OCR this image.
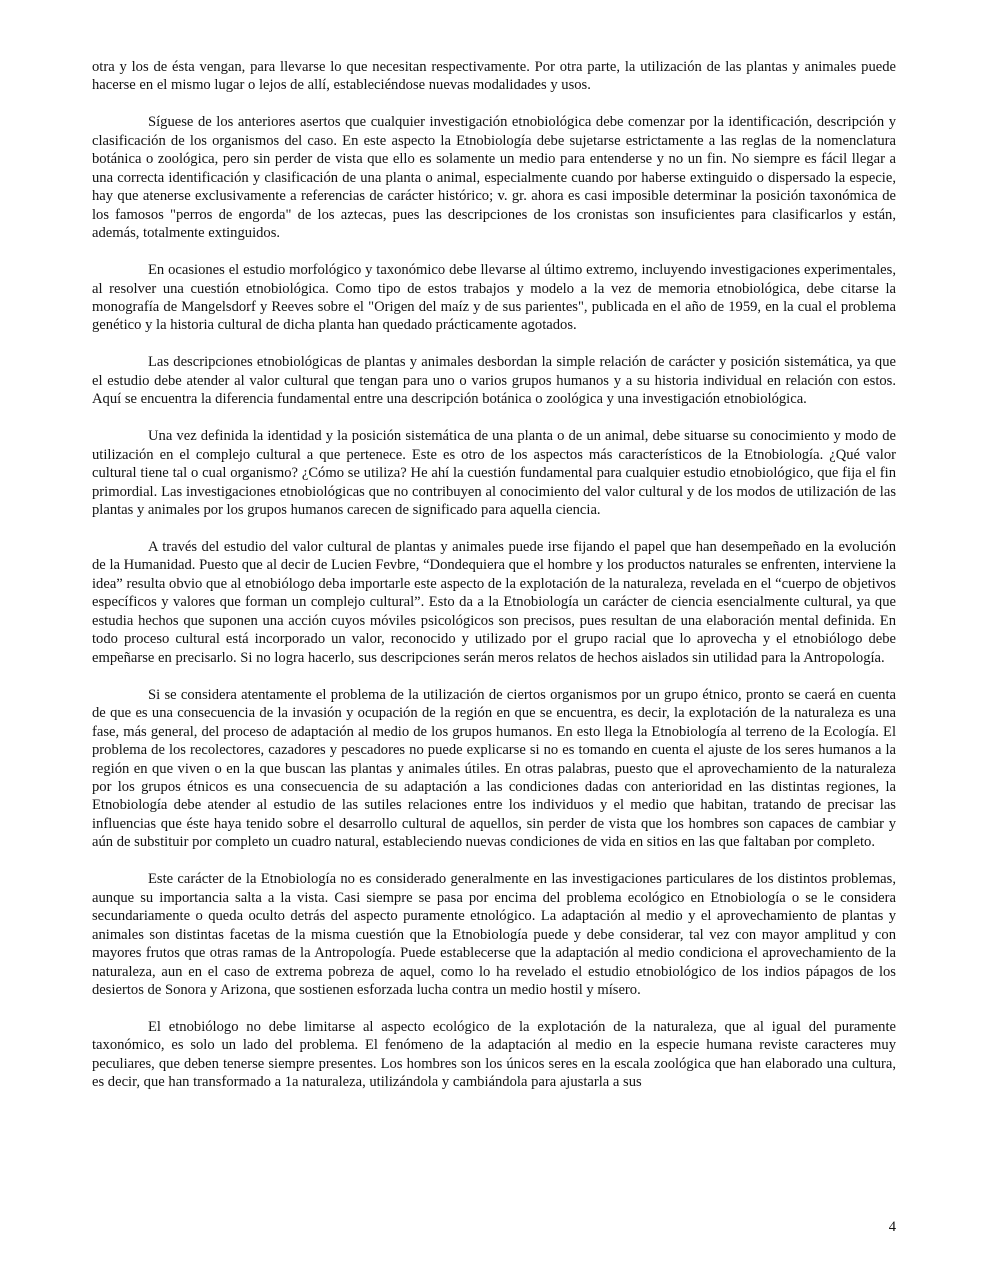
otra y los de ésta vengan, para llevarse lo que necesitan respectivamente. Por otra parte, la utilización de las plantas y animales puede hacerse en el mismo lugar o lejos de allí, estableciéndose nuevas modalidades y usos.

Síguese de los anteriores asertos que cualquier investigación etnobiológica debe comenzar por la identificación, descripción y clasificación de los organismos del caso. En este aspecto la Etnobiología debe sujetarse estrictamente a las reglas de la nomenclatura botánica o zoológica, pero sin perder de vista que ello es solamente un medio para entenderse y no un fin. No siempre es fácil llegar a una correcta identificación y clasificación de una planta o animal, especialmente cuando por haberse extinguido o dispersado la especie, hay que atenerse exclusivamente a referencias de carácter histórico; v. gr. ahora es casi imposible determinar la posición taxonómica de los famosos "perros de engorda" de los aztecas, pues las descripciones de los cronistas son insuficientes para clasificarlos y están, además, totalmente extinguidos.

En ocasiones el estudio morfológico y taxonómico debe llevarse al último extremo, incluyendo investigaciones experimentales, al resolver una cuestión etnobiológica. Como tipo de estos trabajos y modelo a la vez de memoria etnobiológica, debe citarse la monografía de Mangelsdorf y Reeves sobre el "Origen del maíz y de sus parientes", publicada en el año de 1959, en la cual el problema genético y la historia cultural de dicha planta han quedado prácticamente agotados.

Las descripciones etnobiológicas de plantas y animales desbordan la simple relación de carácter y posición sistemática, ya que el estudio debe atender al valor cultural que tengan para uno o varios grupos humanos y a su historia individual en relación con estos. Aquí se encuentra la diferencia fundamental entre una descripción botánica o zoológica y una investigación etnobiológica.

Una vez definida la identidad y la posición sistemática de una planta o de un animal, debe situarse su conocimiento y modo de utilización en el complejo cultural a que pertenece. Este es otro de los aspectos más característicos de la Etnobiología. ¿Qué valor cultural tiene tal o cual organismo? ¿Cómo se utiliza? He ahí la cuestión fundamental para cualquier estudio etnobiológico, que fija el fin primordial. Las investigaciones etnobiológicas que no contribuyen al conocimiento del valor cultural y de los modos de utilización de las plantas y animales por los grupos humanos carecen de significado para aquella ciencia.

A través del estudio del valor cultural de plantas y animales puede irse fijando el papel que han desempeñado en la evolución de la Humanidad. Puesto que al decir de Lucien Fevbre, “Dondequiera que el hombre y los productos naturales se enfrenten, interviene la idea” resulta obvio que al etnobiólogo deba importarle este aspecto de la explotación de la naturaleza, revelada en el “cuerpo de objetivos específicos y valores que forman un complejo cultural”. Esto da a la Etnobiología un carácter de ciencia esencialmente cultural, ya que estudia hechos que suponen una acción cuyos móviles psicológicos son precisos, pues resultan de una elaboración mental definida. En todo proceso cultural está incorporado un valor, reconocido y utilizado por el grupo racial que lo aprovecha y el etnobiólogo debe empeñarse en precisarlo. Si no logra hacerlo, sus descripciones serán meros relatos de hechos aislados sin utilidad para la Antropología.

Si se considera atentamente el problema de la utilización de ciertos organismos por un grupo étnico, pronto se caerá en cuenta de que es una consecuencia de la invasión y ocupación de la región en que se encuentra, es decir, la explotación de la naturaleza es una fase, más general, del proceso de adaptación al medio de los grupos humanos. En esto llega la Etnobiología al terreno de la Ecología. El problema de los recolectores, cazadores y pescadores no puede explicarse si no es tomando en cuenta el ajuste de los seres humanos a la región en que viven o en la que buscan las plantas y animales útiles. En otras palabras, puesto que el aprovechamiento de la naturaleza por los grupos étnicos es una consecuencia de su adaptación a las condiciones dadas con anterioridad en las distintas regiones, la Etnobiología debe atender al estudio de las sutiles relaciones entre los individuos y el medio que habitan, tratando de precisar las influencias que éste haya tenido sobre el desarrollo cultural de aquellos, sin perder de vista que los hombres son capaces de cambiar y aún de substituir por completo un cuadro natural, estableciendo nuevas condiciones de vida en sitios en las que faltaban por completo.

Este carácter de la Etnobiología no es considerado generalmente en las investigaciones particulares de los distintos problemas, aunque su importancia salta a la vista. Casi siempre se pasa por encima del problema ecológico en Etnobiología o se le considera secundariamente o queda oculto detrás del aspecto puramente etnológico. La adaptación al medio y el aprovechamiento de plantas y animales son distintas facetas de la misma cuestión que la Etnobiología puede y debe considerar, tal vez con mayor amplitud y con mayores frutos que otras ramas de la Antropología. Puede establecerse que la adaptación al medio condiciona el aprovechamiento de la naturaleza, aun en el caso de extrema pobreza de aquel, como lo ha revelado el estudio etnobiológico de los indios pápagos de los desiertos de Sonora y Arizona, que sostienen esforzada lucha contra un medio hostil y mísero.

El etnobiólogo no debe limitarse al aspecto ecológico de la explotación de la naturaleza, que al igual del puramente taxonómico, es solo un lado del problema. El fenómeno de la adaptación al medio en la especie humana reviste caracteres muy peculiares, que deben tenerse siempre presentes. Los hombres son los únicos seres en la escala zoológica que han elaborado una cultura, es decir, que han transformado a 1a naturaleza, utilizándola y cambiándola para ajustarla a sus

4
